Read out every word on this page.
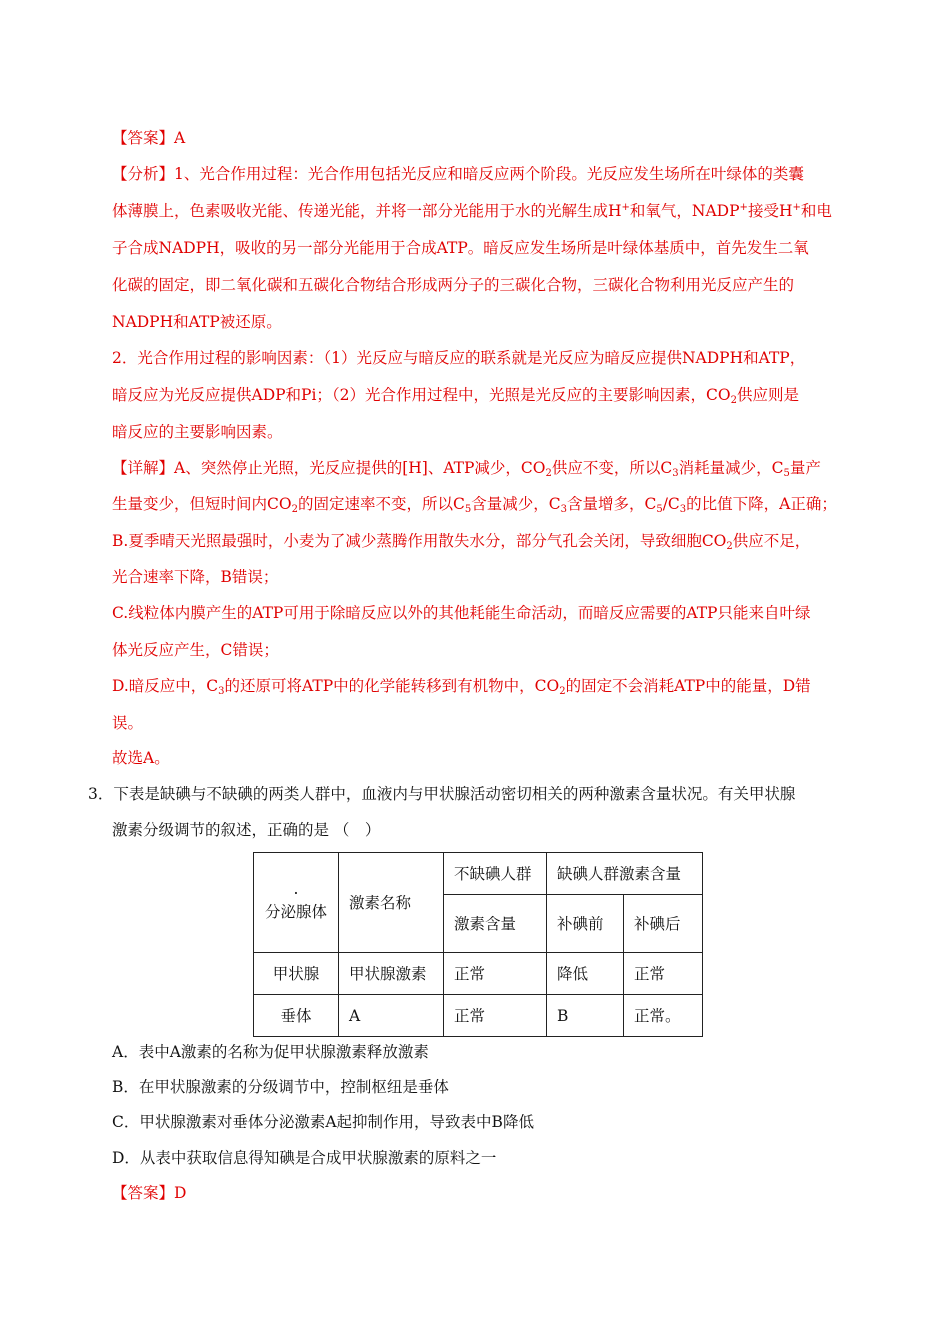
【答案】A
【分析】1、光合作用过程：光合作用包括光反应和暗反应两个阶段。光反应发生场所在叶绿体的类囊
体薄膜上，色素吸收光能、传递光能，并将一部分光能用于水的光解生成H+和氧气，NADP+接受H+和电
子合成NADPH，吸收的另一部分光能用于合成ATP。暗反应发生场所是叶绿体基质中，首先发生二氧
化碳的固定，即二氧化碳和五碳化合物结合形成两分子的三碳化合物，三碳化合物利用光反应产生的
NADPH和ATP被还原。
2．光合作用过程的影响因素：（1）光反应与暗反应的联系就是光反应为暗反应提供NADPH和ATP，
暗反应为光反应提供ADP和Pi；（2）光合作用过程中，光照是光反应的主要影响因素，$CO_2$供应则是
暗反应的主要影响因素。
【详解】A、突然停止光照，光反应提供的[H]、ATP减少，$CO_2$供应不变，所以$C_3$消耗量减少，$C_5$量产
生量变少，但短时间内$CO_2$的固定速率不变，所以$C_5$含量减少，$C_3$含量增多，$C_5/C_3$的比值下降，A正确；
B.夏季晴天光照最强时，小麦为了减少蒸腾作用散失水分，部分气孔会关闭，导致细胞$CO_2$供应不足，
光合速率下降，B错误；
C.线粒体内膜产生的ATP可用于除暗反应以外的其他耗能生命活动，而暗反应需要的ATP只能来自叶绿
体光反应产生，C错误；
D.暗反应中，$C_3$的还原可将ATP中的化学能转移到有机物中，$CO_2$的固定不会消耗ATP中的能量，D错
误。
故选A。
3．下表是缺碘与不缺碘的两类人群中，血液内与甲状腺活动密切相关的两种激素含量状况。有关甲状腺
激素分级调节的叙述，正确的是 （　）
.
分泌腺体	激素名称	不缺碘人群	缺碘人群激素含量	
		激素含量	补碘前	补碘后
甲状腺	甲状腺激素	正常	降低	正常
垂体	A	正常	B	正常。
A．表中A激素的名称为促甲状腺激素释放激素
B．在甲状腺激素的分级调节中，控制枢纽是垂体
C．甲状腺激素对垂体分泌激素A起抑制作用，导致表中B降低
D．从表中获取信息得知碘是合成甲状腺激素的原料之一
【答案】D
